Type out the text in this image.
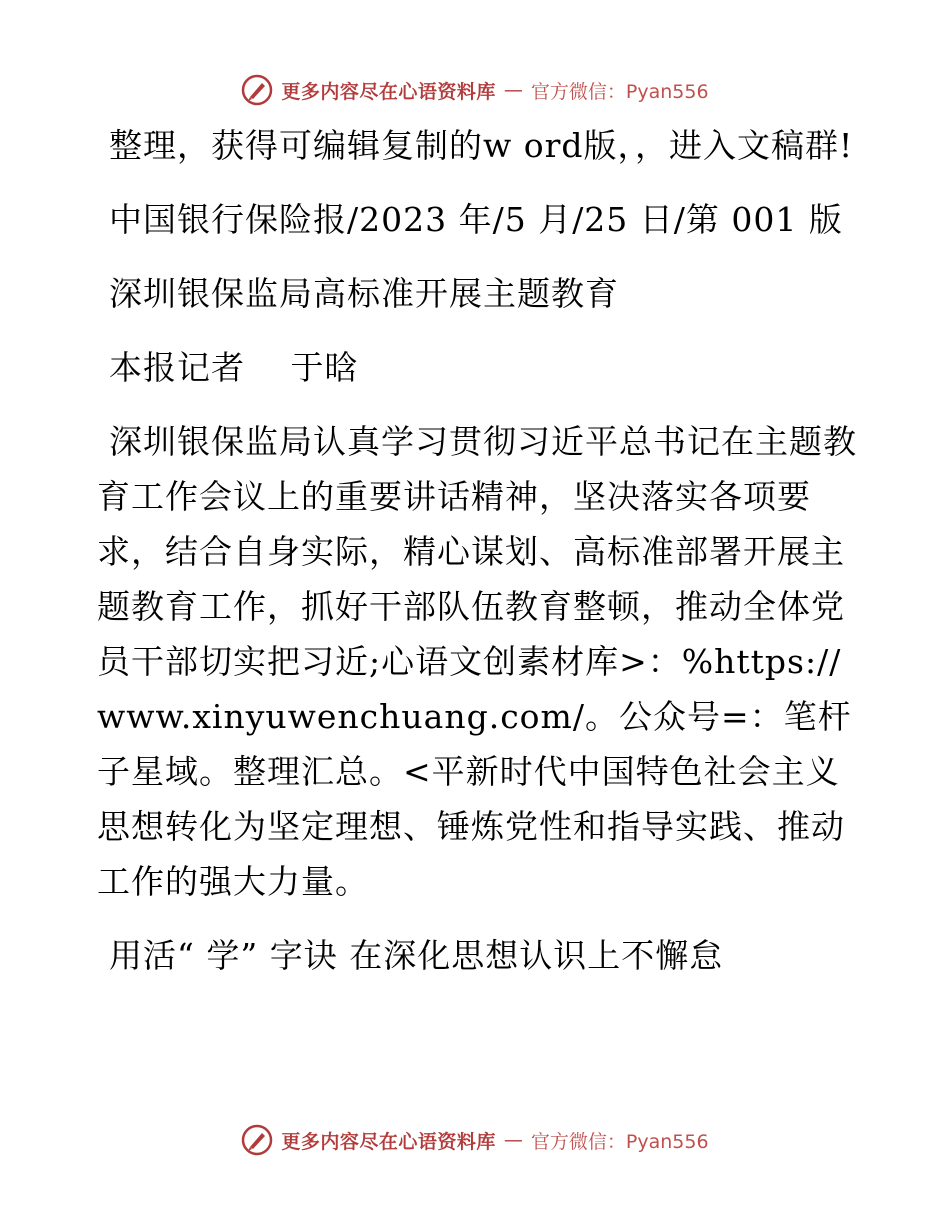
更多内容尽在心语资料库 — 官方微信：Pyan556

整理，获得可编辑复制的w ord版，，进入文稿群!

中国银行保险报/2023 年/5 月/25 日/第 001 版

深圳银保监局高标准开展主题教育

本报记者　 于晗

深圳银保监局认真学习贯彻习近平总书记在主题教育工作会议上的重要讲话精神，坚决落实各项要求，结合自身实际，精心谋划、高标准部署开展主题教育工作，抓好干部队伍教育整顿，推动全体党员干部切实把习近;心语文创素材库>：%https://www.xinyuwenchuang.com/。公众号=：笔杆子星域。整理汇总。<平新时代中国特色社会主义思想转化为坚定理想、锤炼党性和指导实践、推动工作的强大力量。

用活“ 学” 字诀 在深化思想认识上不懈怠

更多内容尽在心语资料库 — 官方微信：Pyan556
